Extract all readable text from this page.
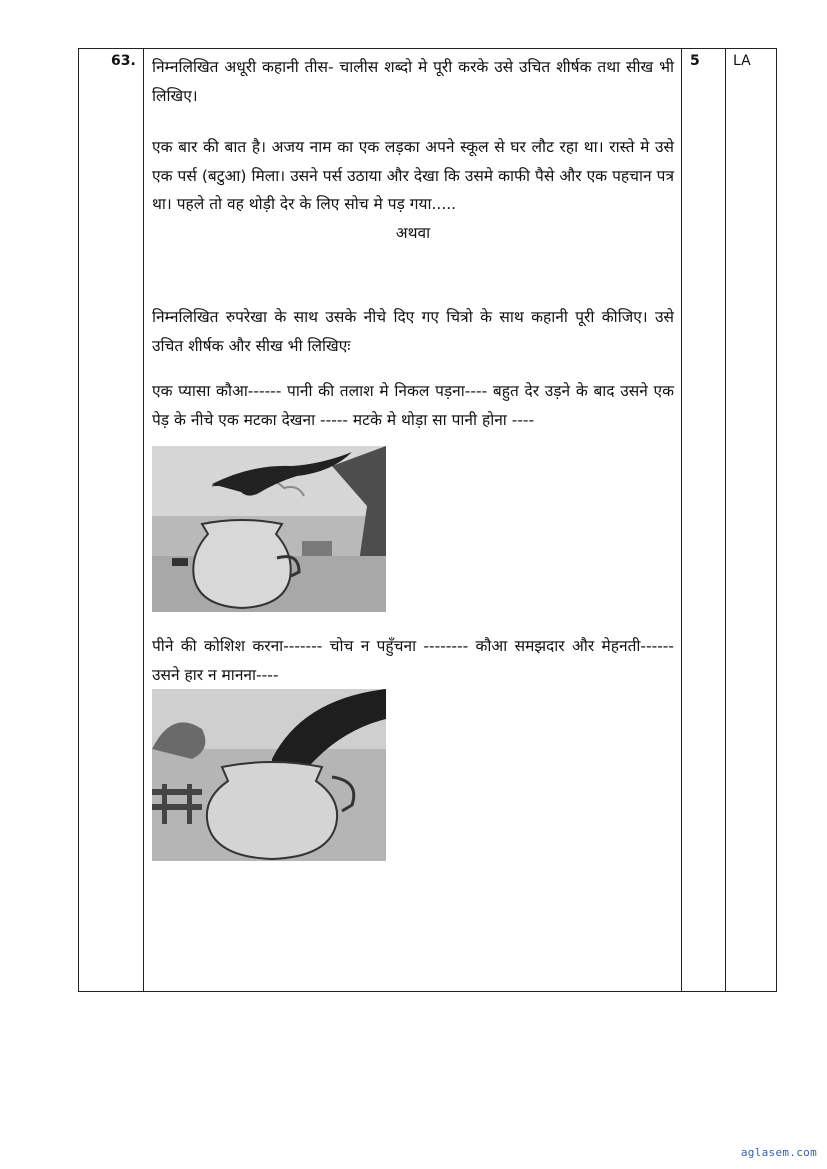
63. निम्नलिखित अधूरी कहानी तीस- चालीस शब्दो मे पूरी करके उसे उचित शीर्षक तथा सीख भी लिखिए।

एक बार की बात है। अजय नाम का एक लड़का अपने स्कूल से घर लौट रहा था। रास्ते मे उसे एक पर्स (बटुआ) मिला। उसने पर्स उठाया और देखा कि उसमे काफी पैसे और एक पहचान पत्र था। पहले तो वह थोड़ी देर के लिए सोच मे पड़ गया.....

अथवा

निम्नलिखित रुपरेखा के साथ उसके नीचे दिए गए चित्रो के साथ कहानी पूरी कीजिए। उसे उचित शीर्षक और सीख भी लिखिएः

एक प्यासा कौआ------ पानी की तलाश मे निकल पड़ना---- बहुत देर उड़ने के बाद उसने एक पेड़ के नीचे एक मटका देखना ----- मटके मे थोड़ा सा पानी होना ----

पीने की कोशिश करना------- चोच न पहुँचना -------- कौआ समझदार और मेहनती------ उसने हार न मानना----

5 LA
aglasem.com
